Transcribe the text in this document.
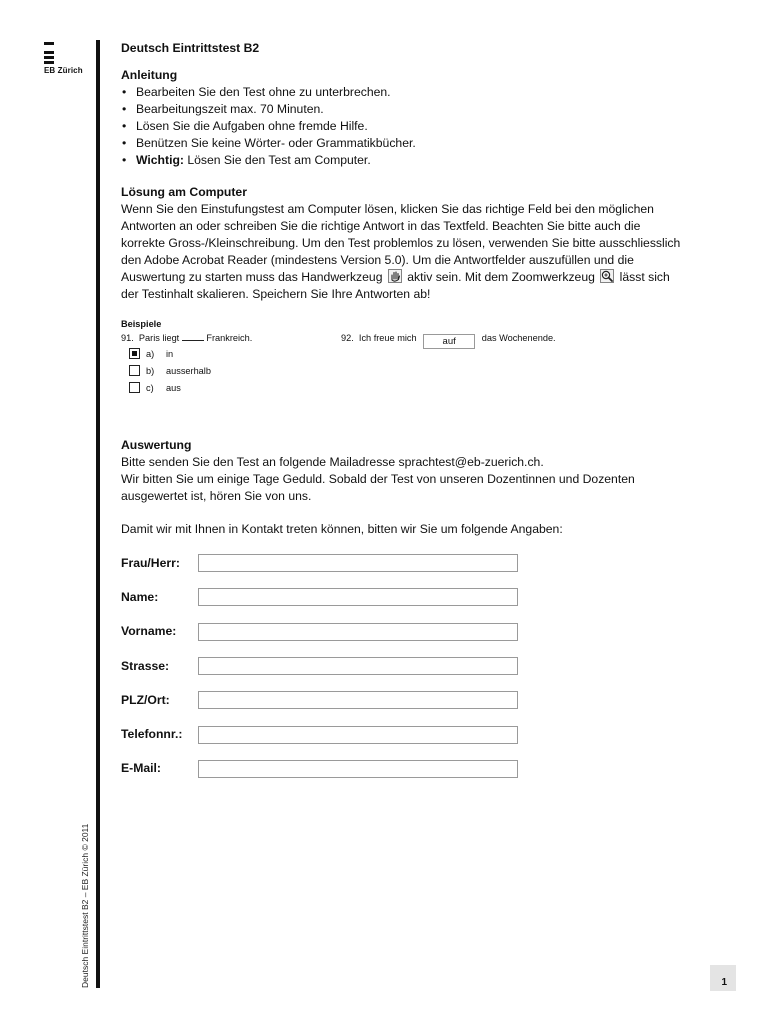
EB Zürich
Deutsch Eintrittstest B2 – EB Zürich © 2011
Deutsch Eintrittstest B2
Anleitung
• Bearbeiten Sie den Test ohne zu unterbrechen.
• Bearbeitungszeit max. 70 Minuten.
• Lösen Sie die Aufgaben ohne fremde Hilfe.
• Benützen Sie keine Wörter- oder Grammatikbücher.
• Wichtig: Lösen Sie den Test am Computer.
Lösung am Computer

Wenn Sie den Einstufungstest am Computer lösen, klicken Sie das richtige Feld bei den möglichen Antworten an oder schreiben Sie die richtige Antwort in das Textfeld. Beachten Sie bitte auch die korrekte Gross-/Kleinschreibung. Um den Test problemlos zu lösen, verwenden Sie bitte ausschliesslich den Adobe Acrobat Reader (mindestens Version 5.0). Um die Antwortfelder auszufüllen und die Auswertung zu starten muss das Handwerkzeug aktiv sein. Mit dem Zoomwerkzeug lässt sich der Testinhalt skalieren. Speichern Sie Ihre Antworten ab!

Beispiele
91. Paris liegt	Frankreich.
a)	in
b)	ausserhalb
c)	aus
92. Ich freue mich	auf	das Wochenende.
Auswertung

Bitte senden Sie den Test an folgende Mailadresse sprachtest@eb-zuerich.ch.

Wir bitten Sie um einige Tage Geduld. Sobald der Test von unseren Dozentinnen und Dozenten ausgewertet ist, hören Sie von uns.

Damit wir mit Ihnen in Kontakt treten können, bitten wir Sie um folgende Angaben:

Frau/Herr:
Name:
Vorname:
Strasse:
PLZ/Ort:
Telefonnr.:
E-Mail:
1
